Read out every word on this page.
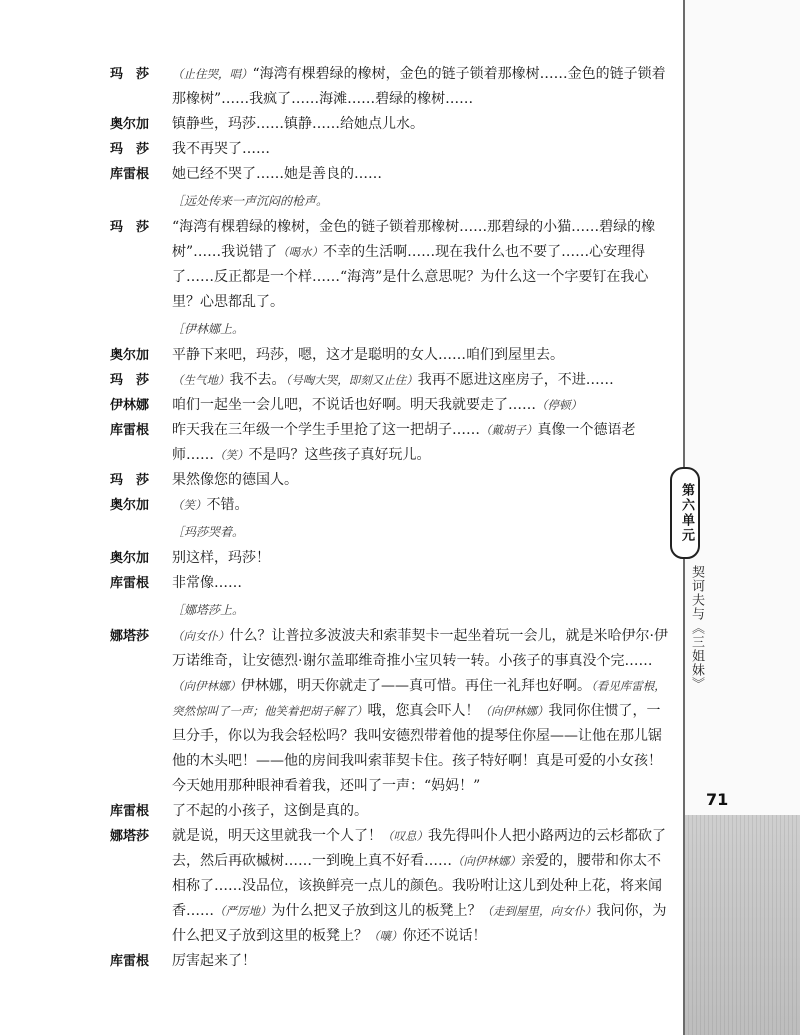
第六单元
契诃夫与《三姐妹》
71
玛　莎	（止住哭，唱）“海湾有棵碧绿的橡树，金色的链子锁着那橡树……金色的链子锁着那橡树”……我疯了……海滩……碧绿的橡树……
奥尔加	镇静些，玛莎……镇静……给她点儿水。
玛　莎	我不再哭了……
库雷根	她已经不哭了……她是善良的……
［远处传来一声沉闷的枪声。
玛　莎	“海湾有棵碧绿的橡树，金色的链子锁着那橡树……那碧绿的小猫……碧绿的橡树”……我说错了（喝水）不幸的生活啊……现在我什么也不要了……心安理得了……反正都是一个样……“海湾”是什么意思呢？为什么这一个字要钉在我心里？心思都乱了。
［伊林娜上。
奥尔加	平静下来吧，玛莎，嗯，这才是聪明的女人……咱们到屋里去。
玛　莎	（生气地）我不去。（号啕大哭，即刻又止住）我再不愿进这座房子，不进……
伊林娜	咱们一起坐一会儿吧，不说话也好啊。明天我就要走了……（停顿）
库雷根	昨天我在三年级一个学生手里抢了这一把胡子……（戴胡子）真像一个德语老师……（笑）不是吗？这些孩子真好玩儿。
玛　莎	果然像您的德国人。
奥尔加	（笑）不错。
［玛莎哭着。
奥尔加	别这样，玛莎！
库雷根	非常像……
［娜塔莎上。
娜塔莎	（向女仆）什么？让普拉多波波夫和索菲契卡一起坐着玩一会儿，就是米哈伊尔·伊万诺维奇，让安德烈·谢尔盖耶维奇推小宝贝转一转。小孩子的事真没个完……（向伊林娜）伊林娜，明天你就走了——真可惜。再住一礼拜也好啊。（看见库雷根，突然惊叫了一声；他笑着把胡子解了）哦，您真会吓人！（向伊林娜）我同你住惯了，一旦分手，你以为我会轻松吗？我叫安德烈带着他的提琴住你屋——让他在那儿锯他的木头吧！——他的房间我叫索菲契卡住。孩子特好啊！真是可爱的小女孩！今天她用那种眼神看着我，还叫了一声：“妈妈！”
库雷根	了不起的小孩子，这倒是真的。
娜塔莎	就是说，明天这里就我一个人了！（叹息）我先得叫仆人把小路两边的云杉都砍了去，然后再砍槭树……一到晚上真不好看……（向伊林娜）亲爱的，腰带和你太不相称了……没品位，该换鲜亮一点儿的颜色。我吩咐让这儿到处种上花，将来闻香……（严厉地）为什么把叉子放到这儿的板凳上？（走到屋里，向女仆）我问你，为什么把叉子放到这里的板凳上？（嚷）你还不说话！
库雷根	厉害起来了！
